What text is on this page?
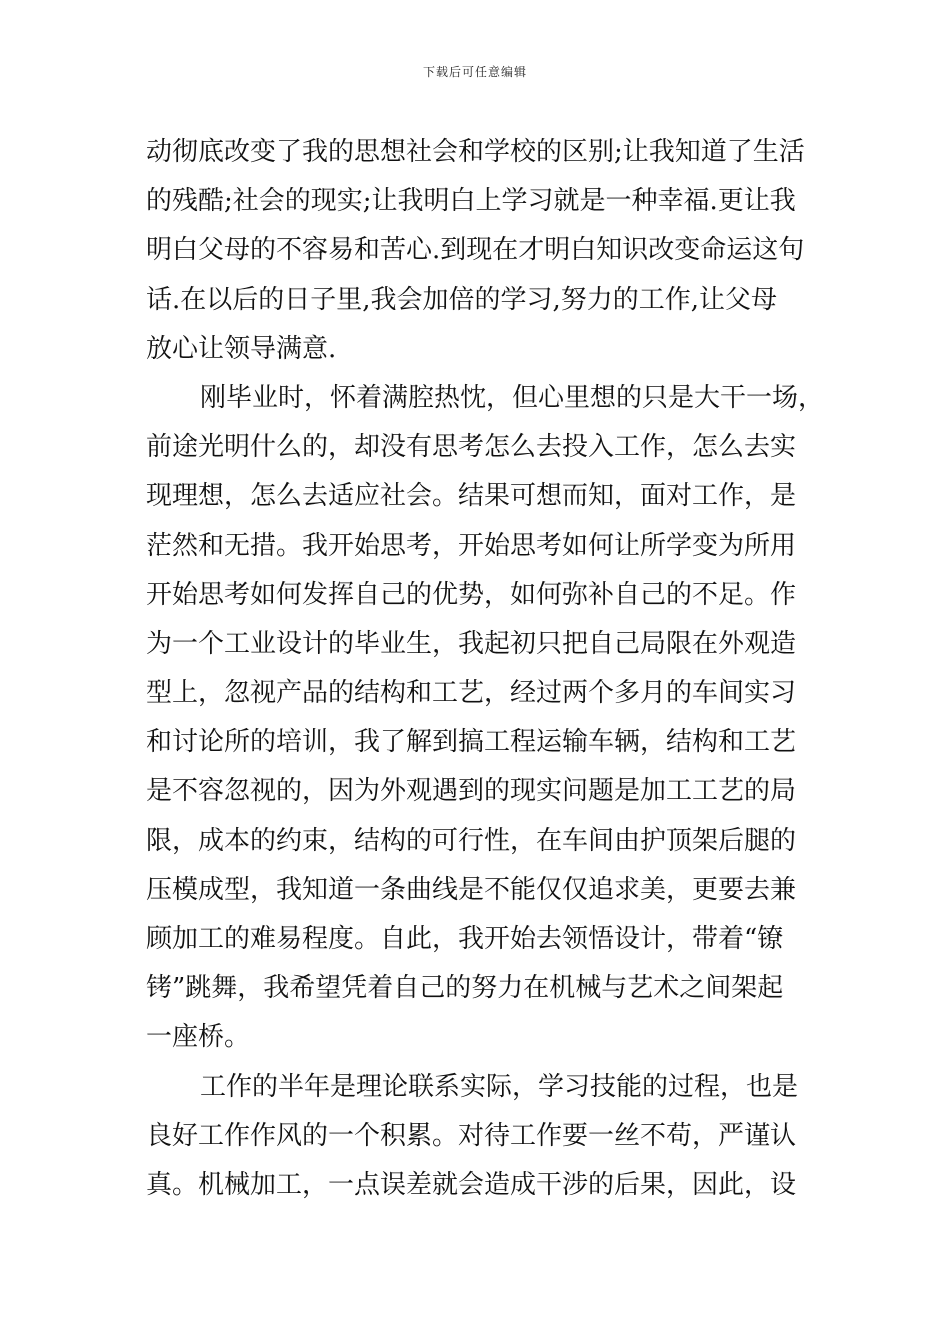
下载后可任意编辑
动彻底改变了我的思想社会和学校的区别;让我知道了生活
的残酷;社会的现实;让我明白上学习就是一种幸福.更让我
明白父母的不容易和苦心.到现在才明白知识改变命运这句
话.在以后的日子里,我会加倍的学习,努力的工作,让父母
放心让领导满意.
刚毕业时，怀着满腔热忱，但心里想的只是大干一场，
前途光明什么的，却没有思考怎么去投入工作，怎么去实
现理想，怎么去适应社会。结果可想而知，面对工作，是
茫然和无措。我开始思考，开始思考如何让所学变为所用
开始思考如何发挥自己的优势，如何弥补自己的不足。作
为一个工业设计的毕业生，我起初只把自己局限在外观造
型上，忽视产品的结构和工艺，经过两个多月的车间实习
和讨论所的培训，我了解到搞工程运输车辆，结构和工艺
是不容忽视的，因为外观遇到的现实问题是加工工艺的局
限，成本的约束，结构的可行性，在车间由护顶架后腿的
压模成型，我知道一条曲线是不能仅仅追求美，更要去兼
顾加工的难易程度。自此，我开始去领悟设计，带着“镣
铐”跳舞，我希望凭着自己的努力在机械与艺术之间架起
一座桥。
工作的半年是理论联系实际，学习技能的过程，也是
良好工作作风的一个积累。对待工作要一丝不苟，严谨认
真。机械加工，一点误差就会造成干涉的后果，因此，设
